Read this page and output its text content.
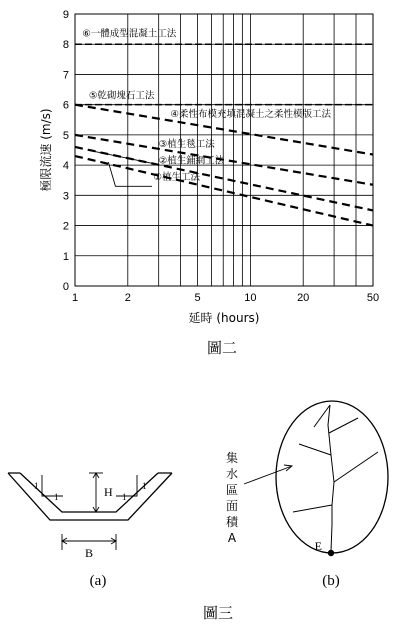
0
1
2
3
4
5
6
7
8
9
1	2	5	10	20	50
⑥一體成型混凝土工法
⑤乾砌塊石工法
④柔性布模充填混凝土之柔性模版工法
③植生毯工法
②植生鋪網工法
①植生工法
極限流速 (m/s)
延時 (hours)
圖二
1
1
1
1
H
B
(a)
E
集
水
區
面
積
A
(b)
圖三
